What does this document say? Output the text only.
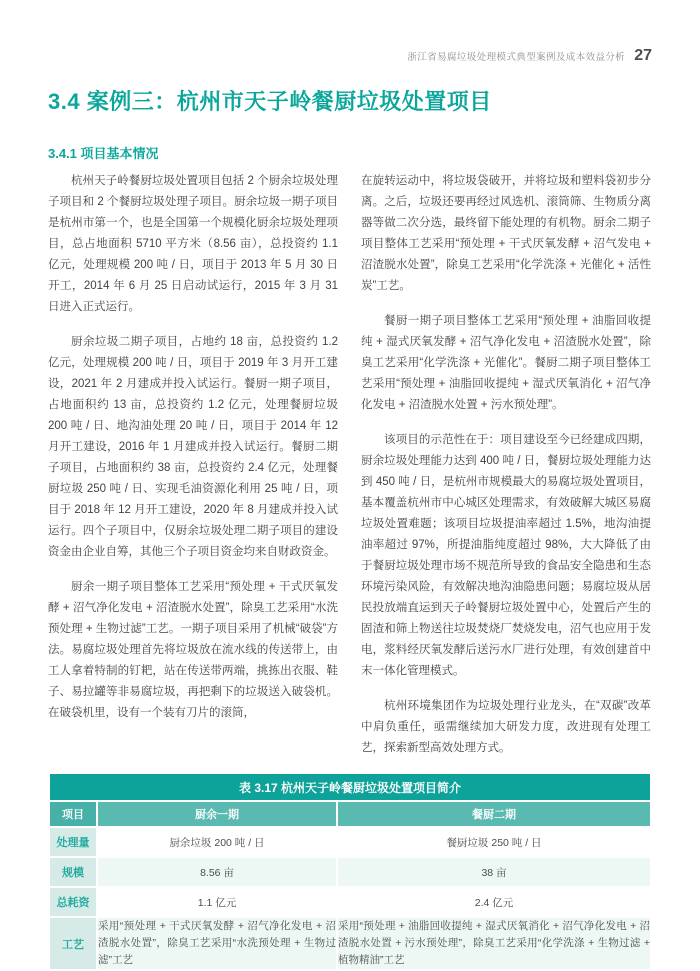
浙江省易腐垃圾处理模式典型案例及成本效益分析 27
3.4 案例三：杭州市天子岭餐厨垃圾处置项目
3.4.1 项目基本情况

杭州天子岭餐厨垃圾处置项目包括 2 个厨余垃圾处理子项目和 2 个餐厨垃圾处理子项目。厨余垃圾一期子项目是杭州市第一个，也是全国第一个规模化厨余垃圾处理项目，总占地面积 5710 平方米（8.56 亩），总投资约 1.1 亿元，处理规模 200 吨 / 日，项目于 2013 年 5 月 30 日开工，2014 年 6 月 25 日启动试运行，2015 年 3 月 31 日进入正式运行。

厨余垃圾二期子项目，占地约 18 亩，总投资约 1.2 亿元，处理规模 200 吨 / 日，项目于 2019 年 3 月开工建设，2021 年 2 月建成并投入试运行。餐厨一期子项目，占地面积约 13 亩，总投资约 1.2 亿元，处理餐厨垃圾 200 吨 / 日、地沟油处理 20 吨 / 日，项目于 2014 年 12 月开工建设，2016 年 1 月建成并投入试运行。餐厨二期子项目，占地面积约 38 亩，总投资约 2.4 亿元，处理餐厨垃圾 250 吨 / 日、实现毛油资源化利用 25 吨 / 日，项目于 2018 年 12 月开工建设，2020 年 8 月建成并投入试运行。四个子项目中，仅厨余垃圾处理二期子项目的建设资金由企业自筹，其他三个子项目资金均来自财政资金。

厨余一期子项目整体工艺采用“预处理 + 干式厌氧发酵 + 沼气净化发电 + 沼渣脱水处置”，除臭工艺采用“水洗预处理 + 生物过滤”工艺。一期子项目采用了机械“破袋”方法。易腐垃圾处理首先将垃圾放在流水线的传送带上，由工人拿着特制的钉耙，站在传送带两端，挑拣出衣服、鞋子、易拉罐等非易腐垃圾，再把剩下的垃圾送入破袋机。在破袋机里，设有一个装有刀片的滚筒，

在旋转运动中，将垃圾袋破开，并将垃圾和塑料袋初步分离。之后，垃圾还要再经过风选机、滚筒筛、生物质分离器等做二次分选，最终留下能处理的有机物。厨余二期子项目整体工艺采用“预处理 + 干式厌氧发酵 + 沼气发电 + 沼渣脱水处置”，除臭工艺采用“化学洗涤 + 光催化 + 活性炭”工艺。

餐厨一期子项目整体工艺采用“预处理 + 油脂回收提纯 + 湿式厌氧发酵 + 沼气净化发电 + 沼渣脱水处置”，除臭工艺采用“化学洗涤 + 光催化”。餐厨二期子项目整体工艺采用“预处理 + 油脂回收提纯 + 湿式厌氧消化 + 沼气净化发电 + 沼渣脱水处置 + 污水预处理”。

该项目的示范性在于：项目建设至今已经建成四期，厨余垃圾处理能力达到 400 吨 / 日，餐厨垃圾处理能力达到 450 吨 / 日，是杭州市规模最大的易腐垃圾处置项目，基本覆盖杭州市中心城区处理需求，有效破解大城区易腐垃圾处置难题；该项目垃圾提油率超过 1.5%，地沟油提油率超过 97%，所提油脂纯度超过 98%，大大降低了由于餐厨垃圾处理市场不规范所导致的食品安全隐患和生态环境污染风险，有效解决地沟油隐患问题；易腐垃圾从居民投放端直运到天子岭餐厨垃圾处置中心，处置后产生的固渣和筛上物送往垃圾焚烧厂焚烧发电，沼气也应用于发电，浆料经厌氧发酵后送污水厂进行处理，有效创建首中末一体化管理模式。

杭州环境集团作为垃圾处理行业龙头，在“双碳”改革中肩负重任，亟需继续加大研发力度，改进现有处理工艺，探索新型高效处理方式。

表 3.17 杭州天子岭餐厨垃圾处置项目简介		
项目	厨余一期	餐厨二期
处理量	厨余垃圾 200 吨 / 日	餐厨垃圾 250 吨 / 日
规模	8.56 亩	38 亩
总耗资	1.1 亿元	2.4 亿元
工艺	采用“预处理 + 干式厌氧发酵 + 沼气净化发电 + 沼渣脱水处置”，除臭工艺采用“水洗预处理 + 生物过滤”工艺	采用“预处理 + 油脂回收提纯 + 湿式厌氧消化 + 沼气净化发电 + 沼渣脱水处置 + 污水预处理”，除臭工艺采用“化学洗涤 + 生物过滤 + 植物精油”工艺
